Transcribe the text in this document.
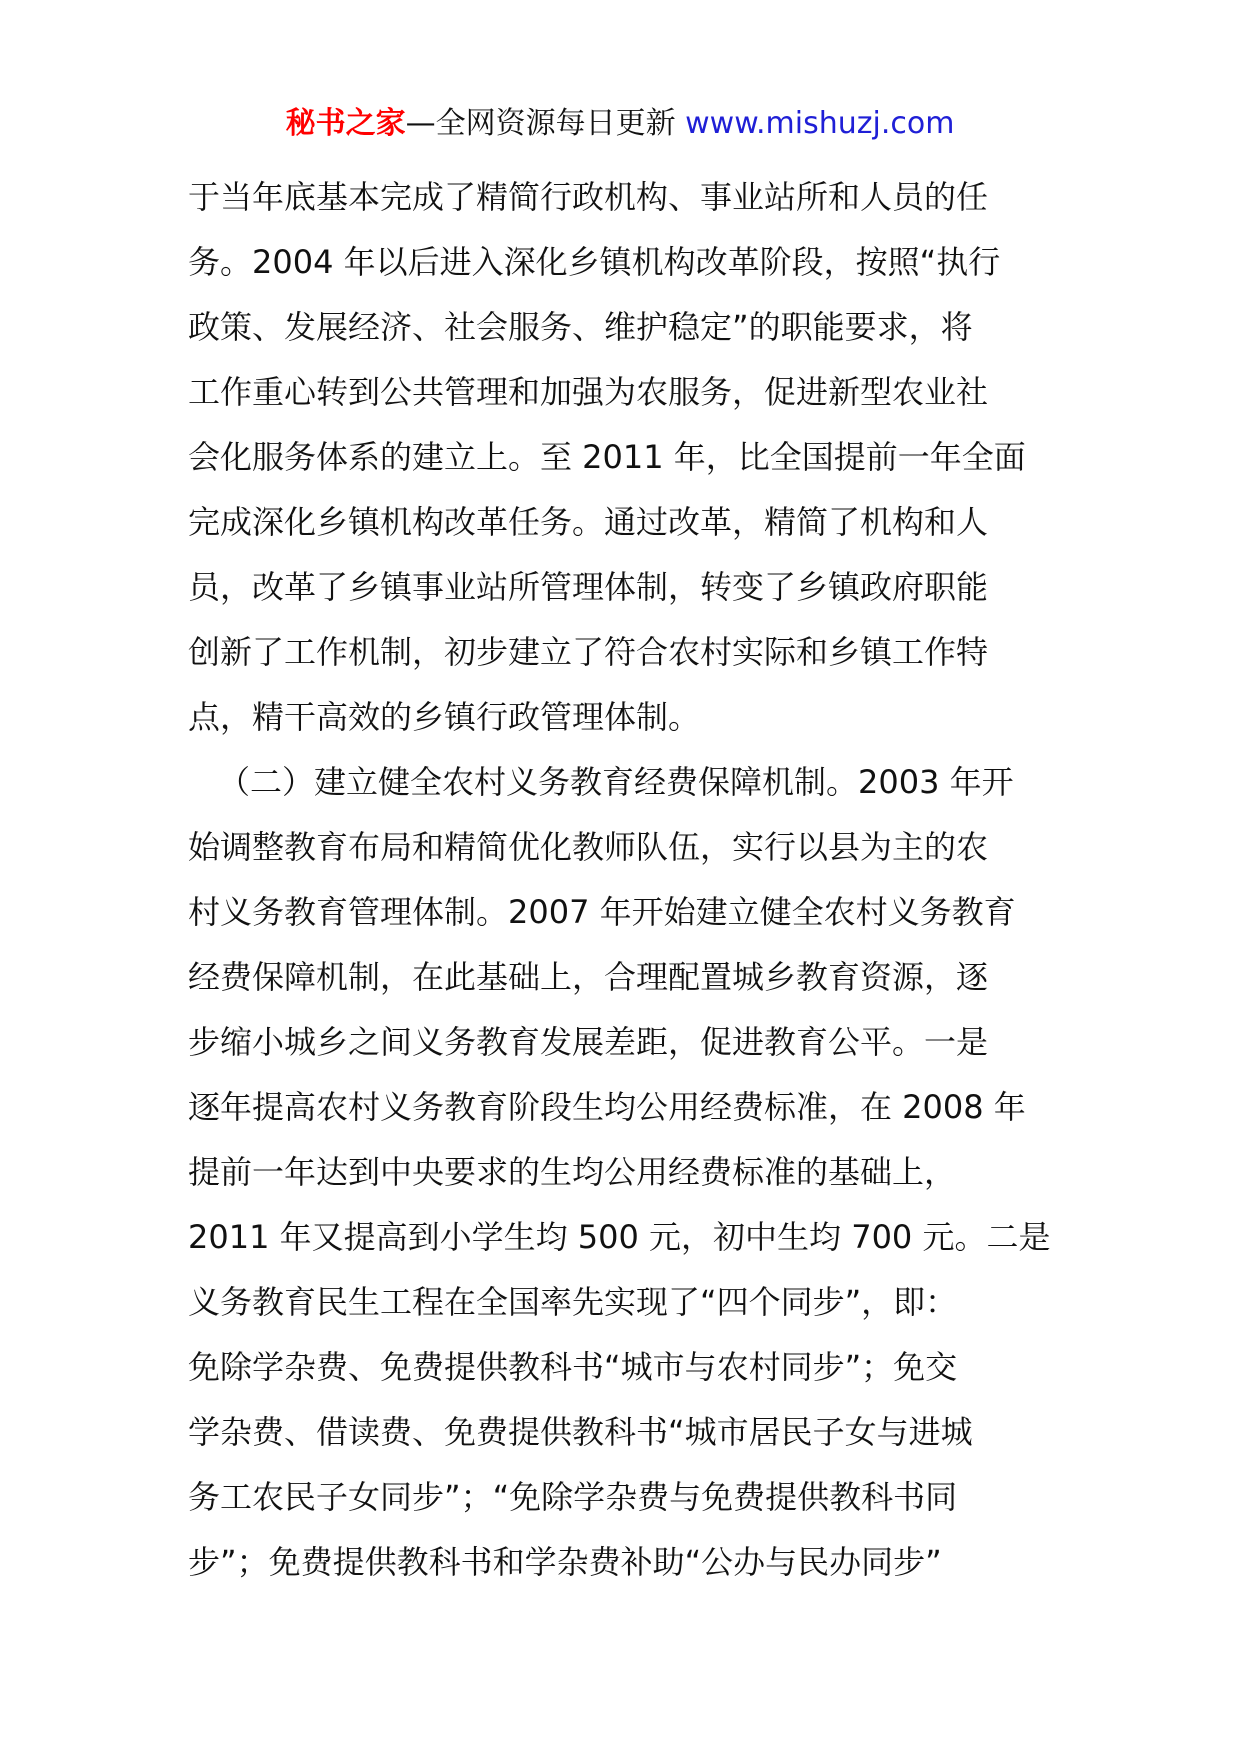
秘书之家—全网资源每日更新 www.mishuzj.com
于当年底基本完成了精简行政机构、事业站所和人员的任
务。2004 年以后进入深化乡镇机构改革阶段，按照“执行
政策、发展经济、社会服务、维护稳定”的职能要求，将
工作重心转到公共管理和加强为农服务，促进新型农业社
会化服务体系的建立上。至 2011 年，比全国提前一年全面
完成深化乡镇机构改革任务。通过改革，精简了机构和人
员，改革了乡镇事业站所管理体制，转变了乡镇政府职能
创新了工作机制，初步建立了符合农村实际和乡镇工作特
点，精干高效的乡镇行政管理体制。
（二）建立健全农村义务教育经费保障机制。2003 年开
始调整教育布局和精简优化教师队伍，实行以县为主的农
村义务教育管理体制。2007 年开始建立健全农村义务教育
经费保障机制，在此基础上，合理配置城乡教育资源，逐
步缩小城乡之间义务教育发展差距，促进教育公平。一是
逐年提高农村义务教育阶段生均公用经费标准，在 2008 年
提前一年达到中央要求的生均公用经费标准的基础上，
2011 年又提高到小学生均 500 元，初中生均 700 元。二是
义务教育民生工程在全国率先实现了“四个同步”，即：
免除学杂费、免费提供教科书“城市与农村同步”；免交
学杂费、借读费、免费提供教科书“城市居民子女与进城
务工农民子女同步”；“免除学杂费与免费提供教科书同
步”；免费提供教科书和学杂费补助“公办与民办同步”
